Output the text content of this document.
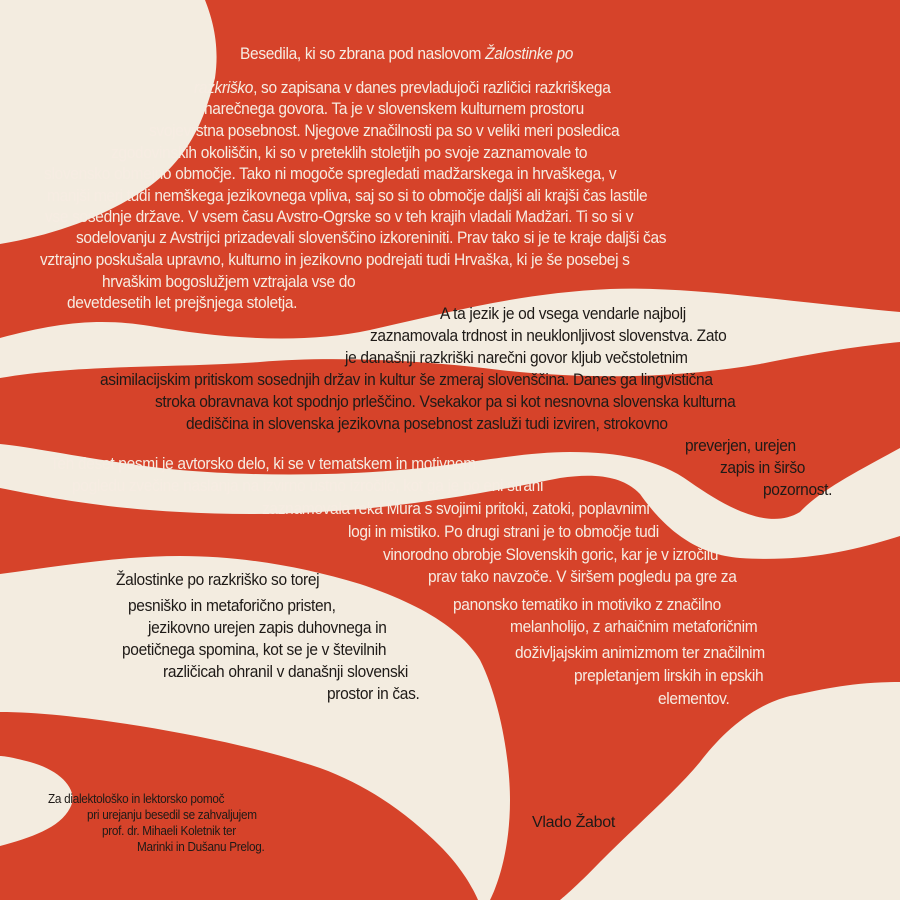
Besedila, ki so zbrana pod naslovom Žalostinke po
razkriško, so zapisana v danes prevladujoči različici razkriškega
narečnega govora. Ta je v slovenskem kulturnem prostoru
svojevrstna posebnost. Njegove značilnosti pa so v veliki meri posledica
zgodovinskih okoliščin, ki so v preteklih stoletjih po svoje zaznamovale to
slovensko obmejno območje. Tako ni mogoče spregledati madžarskega in hrvaškega, v
manjši meri tudi nemškega jezikovnega vpliva, saj so si to območje daljši ali krajši čas lastile
vse sosednje države. V vsem času Avstro-Ogrske so v teh krajih vladali Madžari. Ti so si v
sodelovanju z Avstrijci prizadevali slovenščino izkoreniniti. Prav tako si je te kraje daljši čas
vztrajno poskušala upravno, kulturno in jezikovno podrejati tudi Hrvaška, ki je še posebej s
hrvaškim bogoslužjem vztrajala vse do
devetdesetih let prejšnjega stoletja.
A ta jezik je od vsega vendarle najbolj
zaznamovala trdnost in neuklonljivost slovenstva. Zato
je današnji razkriški narečni govor kljub večstoletnim
asimilacijskim pritiskom sosednjih držav in kultur še zmeraj slovenščina. Danes ga lingvistična
stroka obravnava kot spodnjo prleščino. Vsekakor pa si kot nesnovna slovenska kulturna
dediščina in slovenska jezikovna posebnost zasluži tudi izviren, strokovno
preverjen, urejen
zapis in širšo
pozornost.
Teh deset pesmi je avtorsko delo, ki se v tematskem in motivnem
pogledu zvečine naslanja na izvirno ustno izročilo, kot ga je po eni strani
zaznamovala reka Mura s svojimi pritoki, zatoki, poplavnimi
logi in mistiko. Po drugi strani je to območje tudi
vinorodno obrobje Slovenskih goric, kar je v izročilu
prav tako navzoče. V širšem pogledu pa gre za
panonsko tematiko in motiviko z značilno
melanholijo, z arhaičnim metaforičnim
doživljajskim animizmom ter značilnim
prepletanjem lirskih in epskih
elementov.
Žalostinke po razkriško so torej
pesniško in metaforično pristen,
jezikovno urejen zapis duhovnega in
poetičnega spomina, kot se je v številnih
različicah ohranil v današnji slovenski
prostor in čas.
Za dialektološko in lektorsko pomoč
pri urejanju besedil se zahvaljujem
prof. dr. Mihaeli Koletnik ter
Marinki in Dušanu Prelog.
Vlado Žabot
